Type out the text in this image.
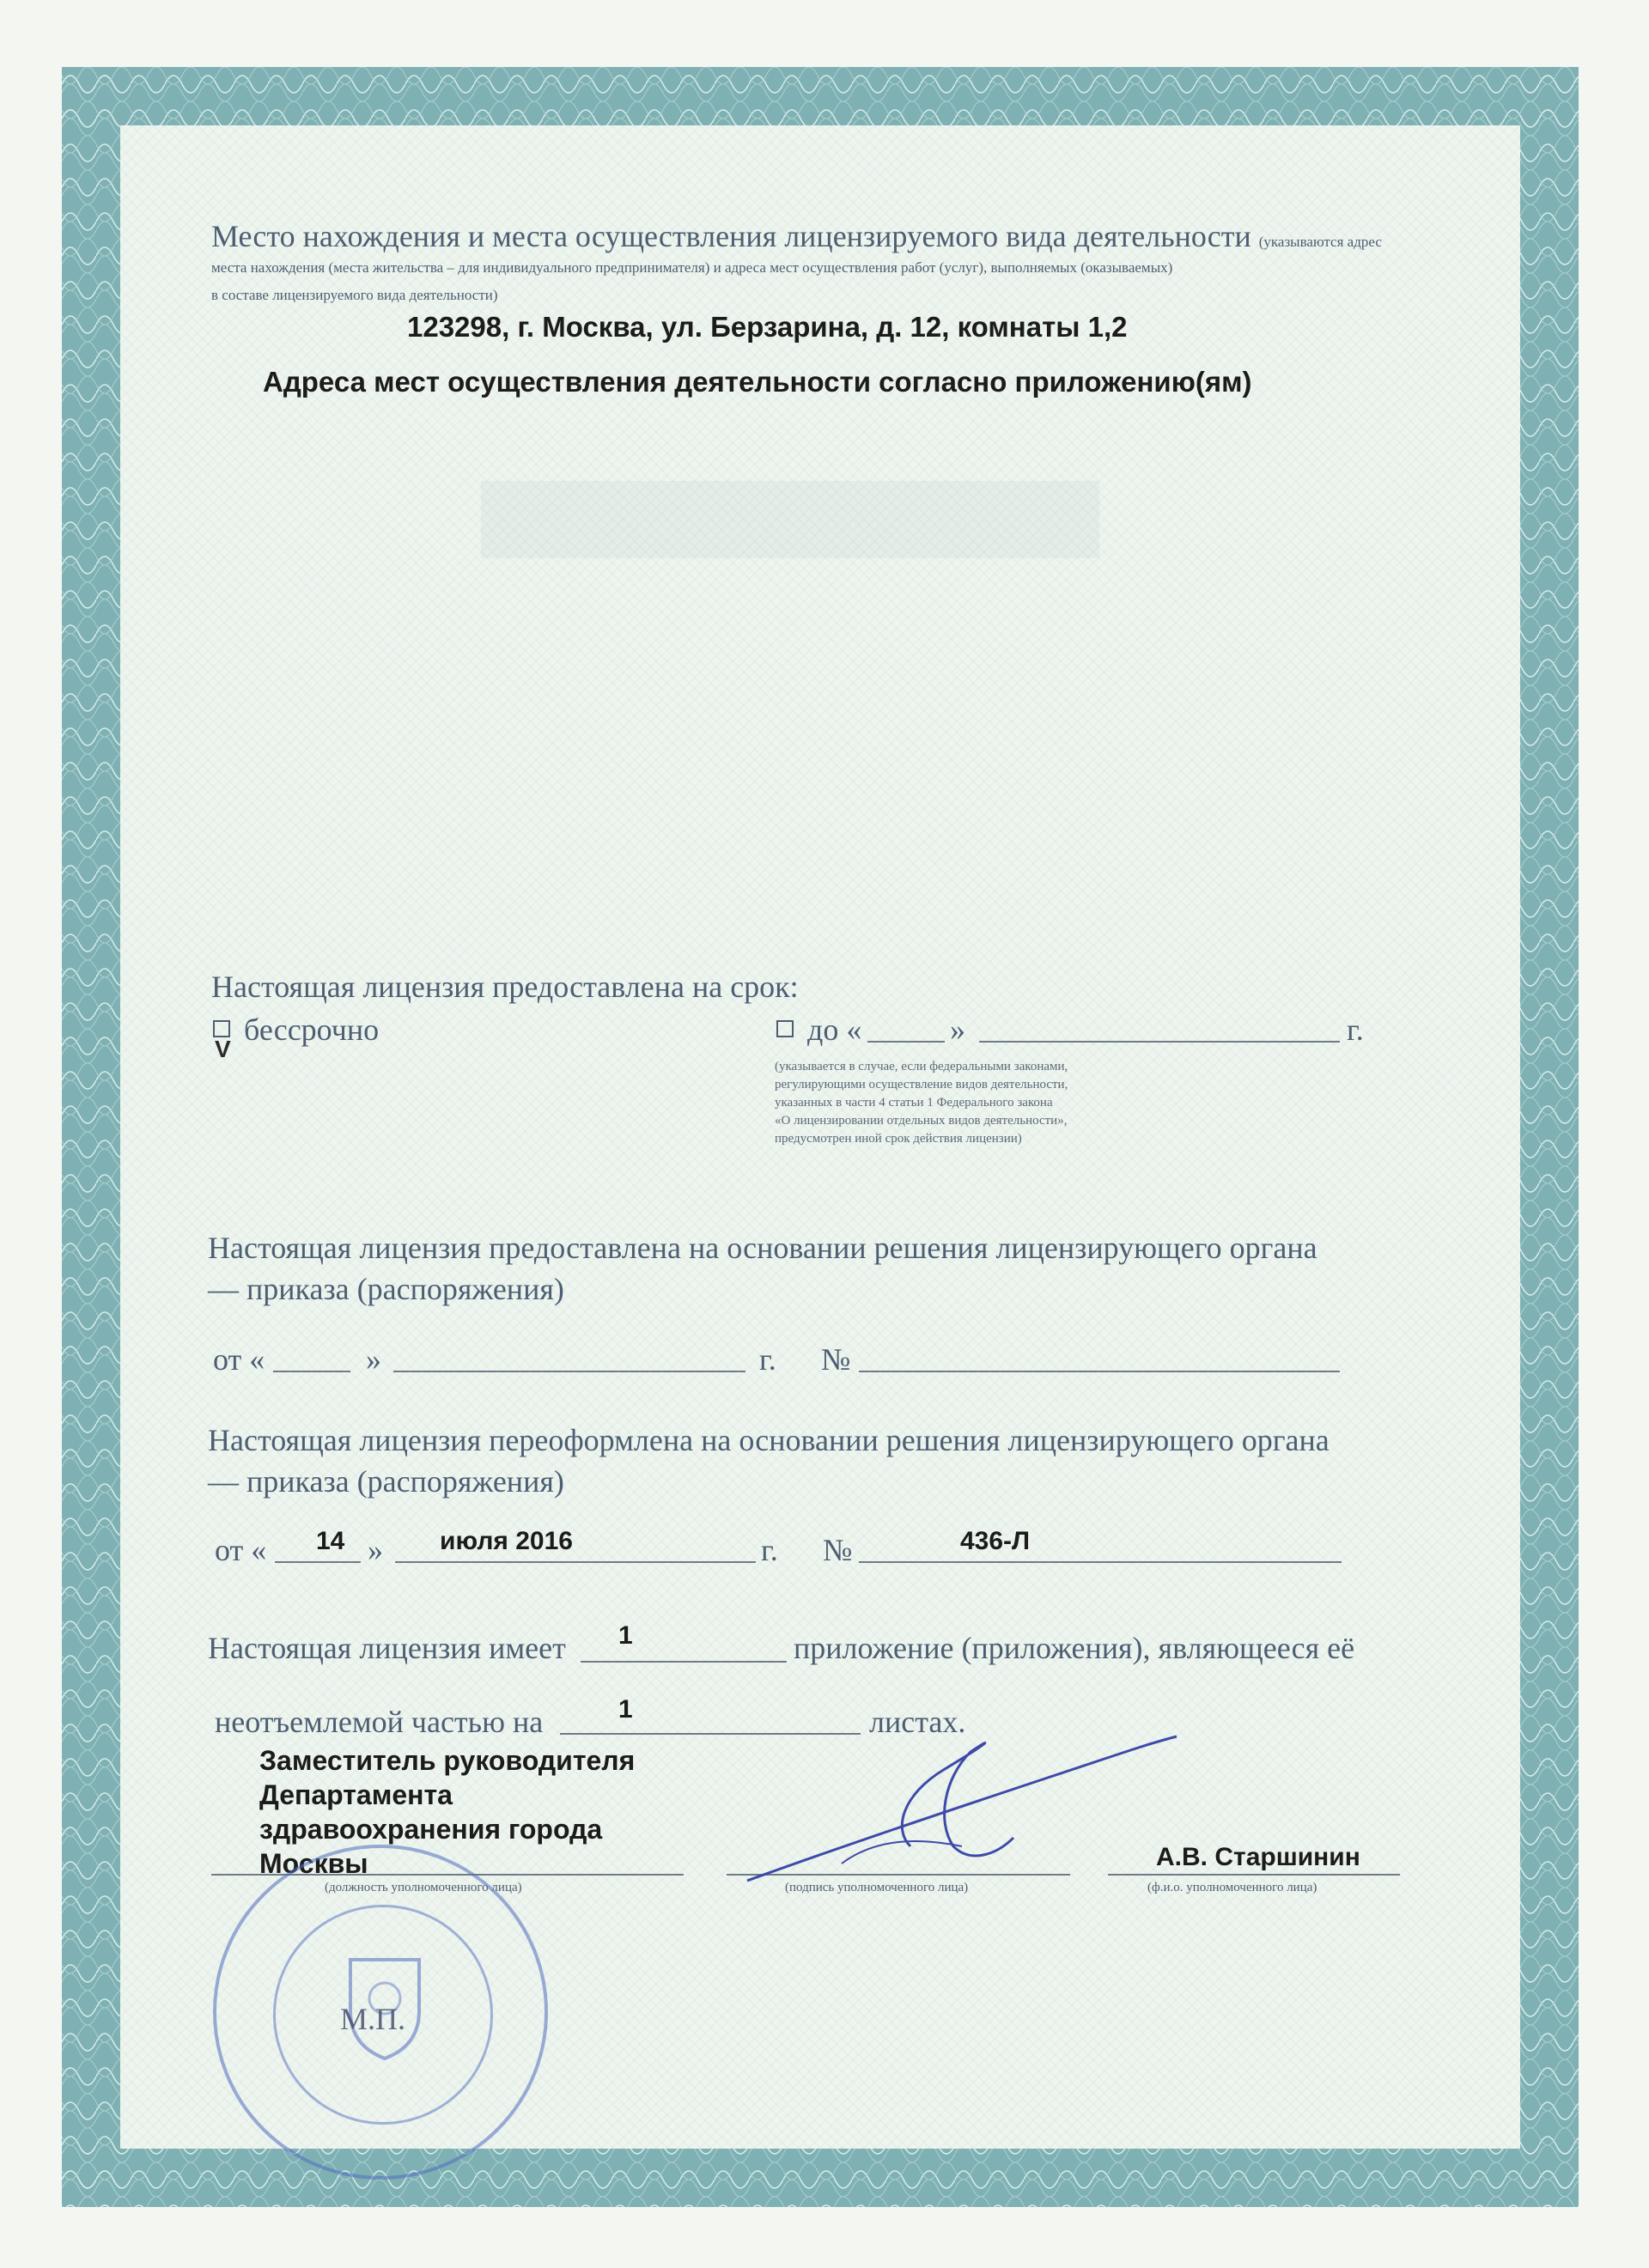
Место нахождения и места осуществления лицензируемого вида деятельности (указываются адрес
места нахождения (места жительства – для индивидуального предпринимателя) и адреса мест осуществления работ (услуг), выполняемых (оказываемых)
в составе лицензируемого вида деятельности)
123298, г. Москва, ул. Берзарина, д. 12, комнаты 1,2
Адреса мест осуществления деятельности согласно приложению(ям)
Настоящая лицензия предоставлена на срок:
V
бессрочно	до «	»	г.
(указывается в случае, если федеральными законами,
регулирующими осуществление видов деятельности,
указанных в части 4 статьи 1 Федерального закона
«О лицензировании отдельных видов деятельности»,
предусмотрен иной срок действия лицензии)
Настоящая лицензия предоставлена на основании решения лицензирующего органа
— приказа (распоряжения)
от «	»	г. №
Настоящая лицензия переоформлена на основании решения лицензирующего органа
— приказа (распоряжения)
от « 14 » июля 2016	г. №	436-Л
Настоящая лицензия имеет 1	приложение (приложения), являющееся её
неотъемлемой частью на	1	листах.
Заместитель руководителя
Департамента
здравоохранения города
Москвы	А.В. Старшинин
(должность уполномоченного лица)	(подпись уполномоченного лица)	(ф.и.о. уполномоченного лица)
М.П.
